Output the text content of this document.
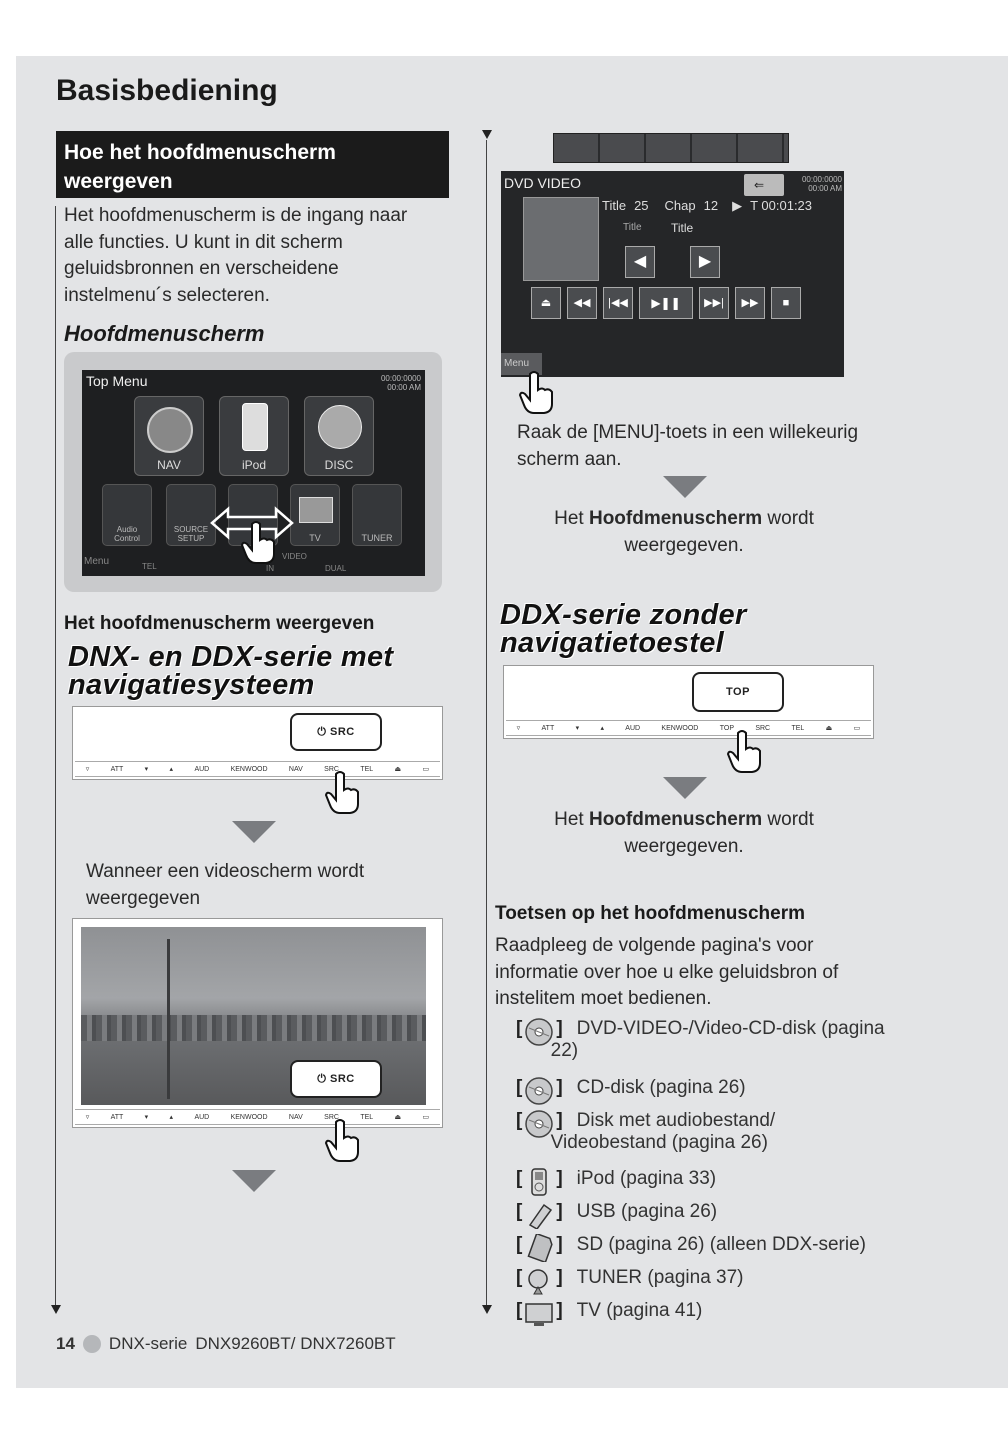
Basisbediening
Hoe het hoofdmenuscherm weergeven
Het hoofdmenuscherm is de ingang naar alle functies. U kunt in dit scherm geluidsbronnen en verscheidene instelmenu´s selecteren.
Hoofdmenuscherm
Top Menu	00:00:0000
00:00 AM
NAV	iPod	DISC
Audio Control
SOURCE SETUP	TV	TUNER
Menu	TEL	IN
VIDEO
DUAL
Het hoofdmenuscherm weergeven
DNX- en DDX-serie met navigatiesysteem
▿	ATT	▾	▴	AUD	KENWOOD	NAV	SRC	TEL	⏏	▭
⏻ SRC
Wanneer een videoscherm wordt weergegeven
▿	ATT	▾	▴	AUD	KENWOOD	NAV	SRC	TEL	⏏	▭
⏻ SRC
DVD VIDEO	⇐	00:00:0000
00:00 AM
Title 25 Chap 12 ▶ T 00:01:23
Title Title
◀	▶
⏏	◀◀	|◀◀	▶❚❚	▶▶|	▶▶	■
Menu
Raak de [MENU]-toets in een willekeurig scherm aan.
Het Hoofdmenuscherm wordt
weergegeven.
DDX-serie zonder navigatietoestel
▿	ATT	▾	▴	AUD	KENWOOD	TOP	SRC	TEL	⏏	▭
TOP
Het Hoofdmenuscherm wordt
weergegeven.
Toetsen op het hoofdmenuscherm
Raadpleeg de volgende pagina's voor informatie over hoe u elke geluidsbron of instelitem moet bedienen.
[ ] DVD-VIDEO-/Video-CD-disk (pagina
22)
[ ] CD-disk (pagina 26)
[ ] Disk met audiobestand/
Videobestand (pagina 26)
[ ] iPod (pagina 33)
[ ] USB (pagina 26)
[ ] SD (pagina 26) (alleen DDX-serie)
[ ] TUNER (pagina 37)
[ ] TV (pagina 41)
14 DNX-serie DNX9260BT/ DNX7260BT
